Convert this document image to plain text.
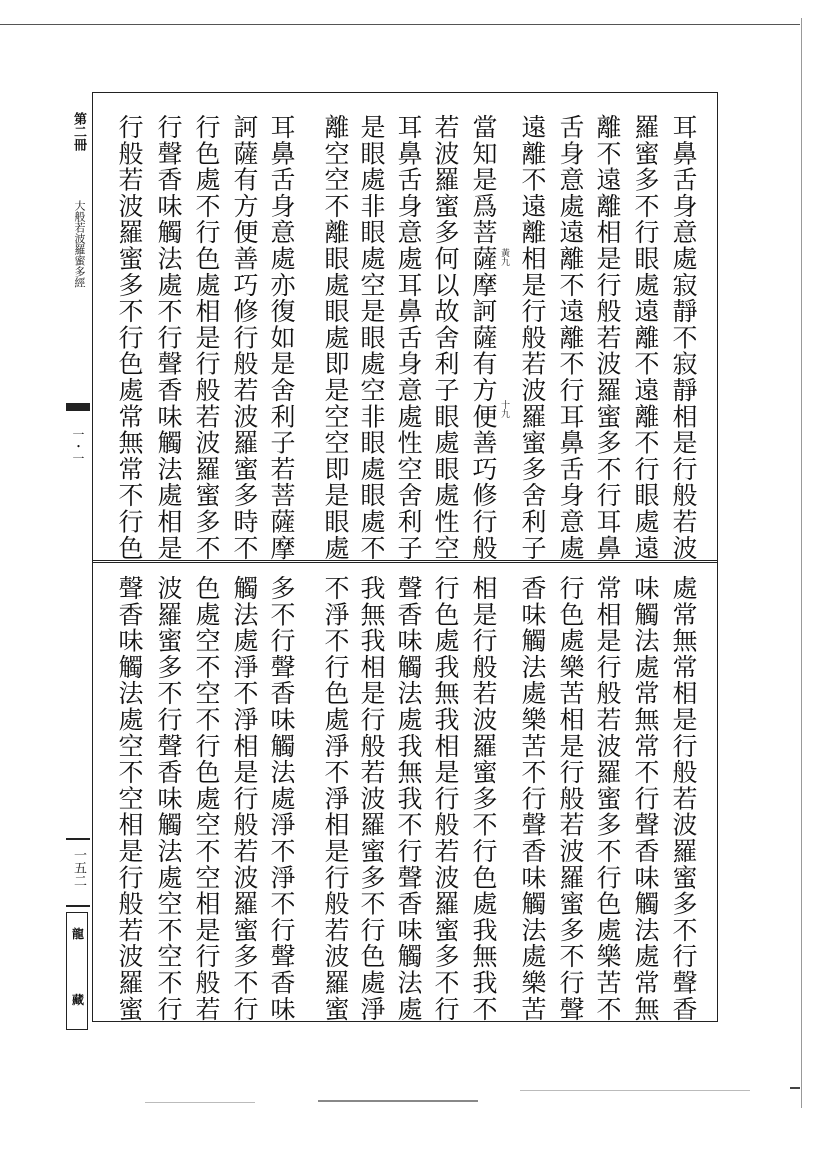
第二冊
大般若波羅蜜多經
一・一
一五二
龍
藏
黃九
十九	耳鼻舌身意處寂靜不寂靜相是行般若波
羅蜜多不行眼處遠離不遠離不行眼處遠
離不遠離相是行般若波羅蜜多不行耳鼻
舌身意處遠離不遠離不行耳鼻舌身意處
遠離不遠離相是行般若波羅蜜多舍利子
當知是爲菩薩摩訶薩有方便善巧修行般
若波羅蜜多何以故舍利子眼處眼處性空
耳鼻舌身意處耳鼻舌身意處性空舍利子
是眼處非眼處空是眼處空非眼處眼處不
離空空不離眼處眼處即是空空即是眼處
耳鼻舌身意處亦復如是舍利子若菩薩摩
訶薩有方便善巧修行般若波羅蜜多時不
行色處不行色處相是行般若波羅蜜多不
行聲香味觸法處不行聲香味觸法處相是
行般若波羅蜜多不行色處常無常不行色
處常無常相是行般若波羅蜜多不行聲香
味觸法處常無常不行聲香味觸法處常無
常相是行般若波羅蜜多不行色處樂苦不
行色處樂苦相是行般若波羅蜜多不行聲
香味觸法處樂苦不行聲香味觸法處樂苦
相是行般若波羅蜜多不行色處我無我不
行色處我無我相是行般若波羅蜜多不行
聲香味觸法處我無我不行聲香味觸法處
我無我相是行般若波羅蜜多不行色處淨
不淨不行色處淨不淨相是行般若波羅蜜
多不行聲香味觸法處淨不淨不行聲香味
觸法處淨不淨相是行般若波羅蜜多不行
色處空不空不行色處空不空相是行般若
波羅蜜多不行聲香味觸法處空不空不行
聲香味觸法處空不空相是行般若波羅蜜
